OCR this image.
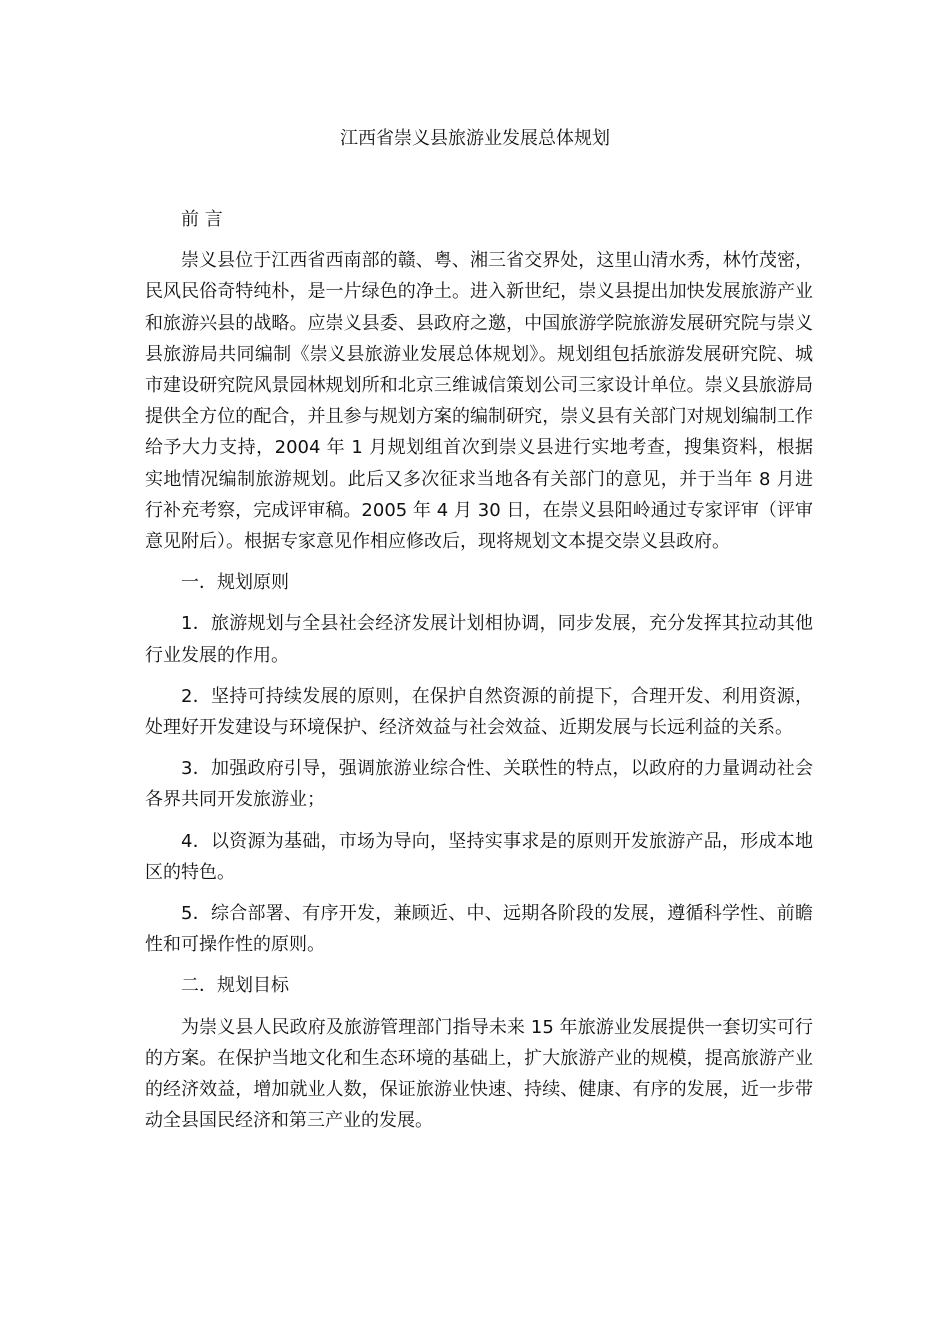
江西省崇义县旅游业发展总体规划

前 言

崇义县位于江西省西南部的赣、粤、湘三省交界处，这里山清水秀，林竹茂密，民风民俗奇特纯朴，是一片绿色的净土。进入新世纪，崇义县提出加快发展旅游产业和旅游兴县的战略。应崇义县委、县政府之邀，中国旅游学院旅游发展研究院与崇义县旅游局共同编制《崇义县旅游业发展总体规划》。规划组包括旅游发展研究院、城市建设研究院风景园林规划所和北京三维诚信策划公司三家设计单位。崇义县旅游局提供全方位的配合，并且参与规划方案的编制研究，崇义县有关部门对规划编制工作给予大力支持，2004 年 1 月规划组首次到崇义县进行实地考查，搜集资料，根据实地情况编制旅游规划。此后又多次征求当地各有关部门的意见，并于当年 8 月进行补充考察，完成评审稿。2005 年 4 月 30 日，在崇义县阳岭通过专家评审（评审意见附后）。根据专家意见作相应修改后，现将规划文本提交崇义县政府。

一．规划原则

1．旅游规划与全县社会经济发展计划相协调，同步发展，充分发挥其拉动其他行业发展的作用。

2．坚持可持续发展的原则，在保护自然资源的前提下，合理开发、利用资源，处理好开发建设与环境保护、经济效益与社会效益、近期发展与长远利益的关系。

3．加强政府引导，强调旅游业综合性、关联性的特点，以政府的力量调动社会各界共同开发旅游业；

4．以资源为基础，市场为导向，坚持实事求是的原则开发旅游产品，形成本地区的特色。

5．综合部署、有序开发，兼顾近、中、远期各阶段的发展，遵循科学性、前瞻性和可操作性的原则。

二．规划目标

为崇义县人民政府及旅游管理部门指导未来 15 年旅游业发展提供一套切实可行的方案。在保护当地文化和生态环境的基础上，扩大旅游产业的规模，提高旅游产业的经济效益，增加就业人数，保证旅游业快速、持续、健康、有序的发展，近一步带动全县国民经济和第三产业的发展。
